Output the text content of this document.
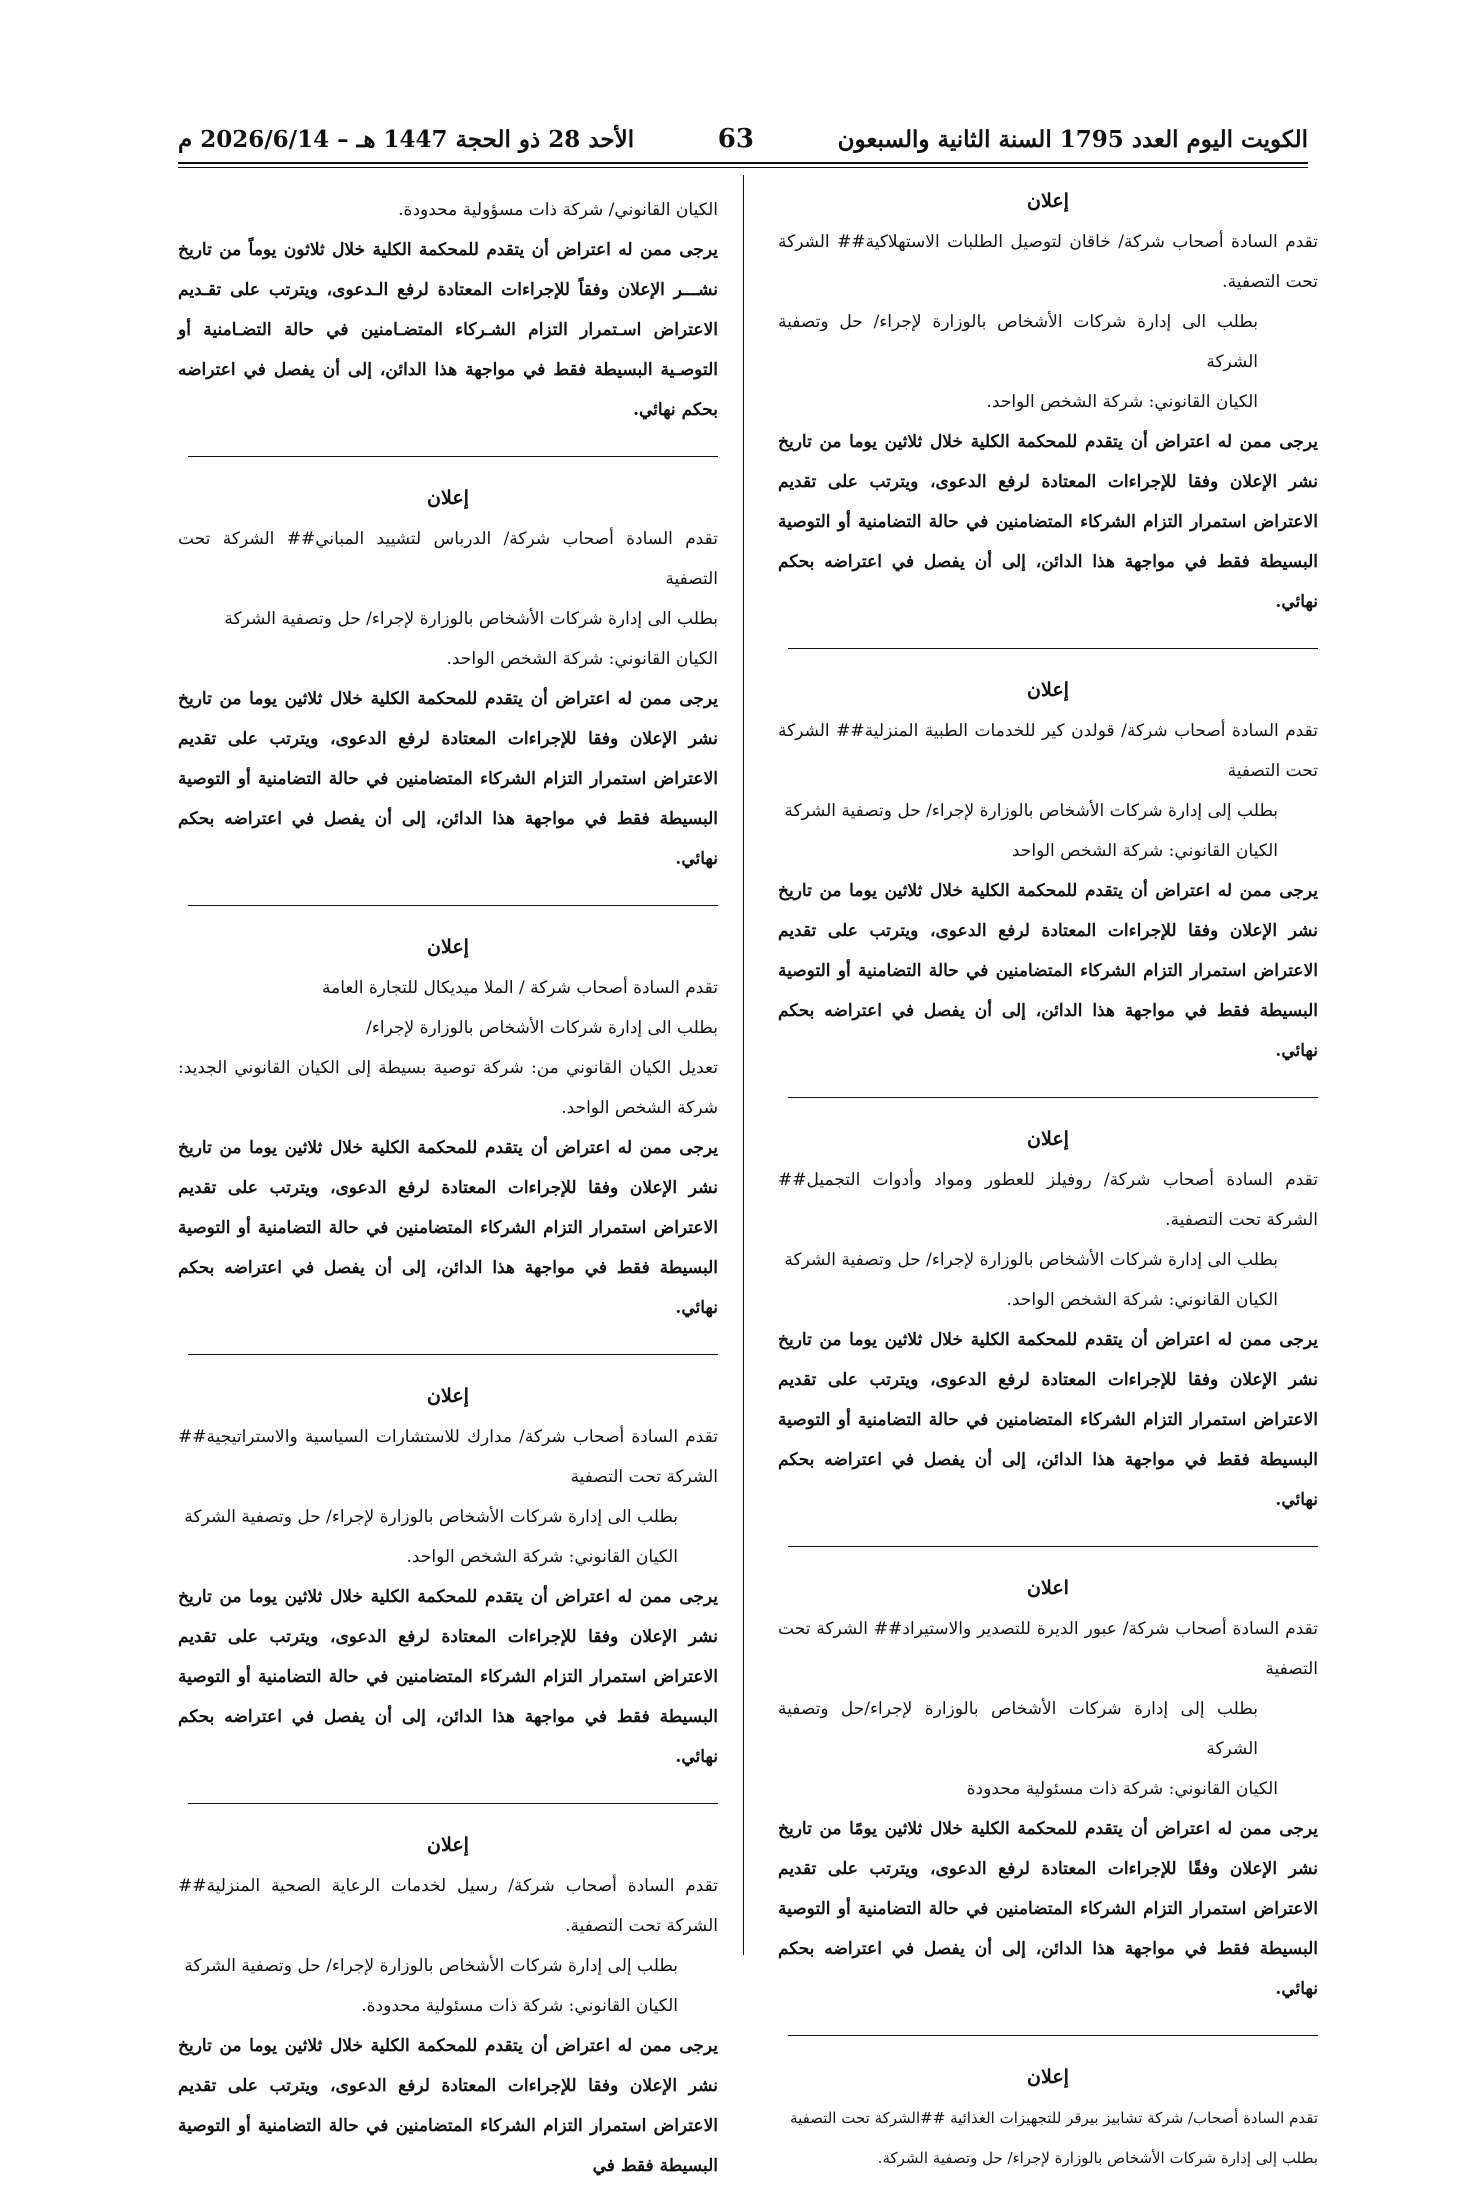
الكويت اليوم العدد 1795 السنة الثانية والسبعون
63
الأحد 28 ذو الحجة 1447 هـ – 2026/6/14 م
إعلان

تقدم السادة أصحاب شركة/ خاقان لتوصيل الطلبات الاستهلاكية## الشركة تحت التصفية.

بطلب الى إدارة شركات الأشخاص بالوزارة لإجراء/ حل وتصفية الشركة

الكيان القانوني: شركة الشخص الواحد.

يرجى ممن له اعتراض أن يتقدم للمحكمة الكلية خلال ثلاثين يوما من تاريخ نشر الإعلان وفقا للإجراءات المعتادة لرفع الدعوى، ويترتب على تقديم الاعتراض استمرار التزام الشركاء المتضامنين في حالة التضامنية أو التوصية البسيطة فقط في مواجهة هذا الدائن، إلى أن يفصل في اعتراضه بحكم نهائي.

إعلان

تقدم السادة أصحاب شركة/ قولدن كير للخدمات الطبية المنزلية## الشركة تحت التصفية

بطلب إلى إدارة شركات الأشخاص بالوزارة لإجراء/ حل وتصفية الشركة

الكيان القانوني: شركة الشخص الواحد

يرجى ممن له اعتراض أن يتقدم للمحكمة الكلية خلال ثلاثين يوما من تاريخ نشر الإعلان وفقا للإجراءات المعتادة لرفع الدعوى، ويترتب على تقديم الاعتراض استمرار التزام الشركاء المتضامنين في حالة التضامنية أو التوصية البسيطة فقط في مواجهة هذا الدائن، إلى أن يفصل في اعتراضه بحكم نهائي.

إعلان

تقدم السادة أصحاب شركة/ روفيلز للعطور ومواد وأدوات التجميل## الشركة تحت التصفية.

بطلب الى إدارة شركات الأشخاص بالوزارة لإجراء/ حل وتصفية الشركة

الكيان القانوني: شركة الشخص الواحد.

يرجى ممن له اعتراض أن يتقدم للمحكمة الكلية خلال ثلاثين يوما من تاريخ نشر الإعلان وفقا للإجراءات المعتادة لرفع الدعوى، ويترتب على تقديم الاعتراض استمرار التزام الشركاء المتضامنين في حالة التضامنية أو التوصية البسيطة فقط في مواجهة هذا الدائن، إلى أن يفصل في اعتراضه بحكم نهائي.

اعلان

تقدم السادة أصحاب شركة/ عبور الديرة للتصدير والاستيراد## الشركة تحت التصفية

بطلب إلى إدارة شركات الأشخاص بالوزارة لإجراء/حل وتصفية الشركة

الكيان القانوني: شركة ذات مسئولية محدودة

يرجى ممن له اعتراض أن يتقدم للمحكمة الكلية خلال ثلاثين يومًا من تاريخ نشر الإعلان وفقًا للإجراءات المعتادة لرفع الدعوى، ويترتب على تقديم الاعتراض استمرار التزام الشركاء المتضامنين في حالة التضامنية أو التوصية البسيطة فقط في مواجهة هذا الدائن، إلى أن يفصل في اعتراضه بحكم نهائي.

إعلان

تقدم السادة أصحاب/ شركة تشابيز بيرقر للتجهيزات الغذائية ##الشركة تحت التصفية

بطلب إلى إدارة شركات الأشخاص بالوزارة لإجراء/ حل وتصفية الشركة.

الكيان القانوني/ شركة ذات مسؤولية محدودة.

يرجى ممن له اعتراض أن يتقدم للمحكمة الكلية خلال ثلاثون يوماً من تاريخ نشـــر الإعلان وفقاً للإجراءات المعتادة لرفع الـدعوى، ويترتب على تقـديم الاعتراض اسـتمرار التزام الشـركاء المتضـامنين في حالة التضـامنية أو التوصـية البسيطة فقط في مواجهة هذا الدائن، إلى أن يفصل في اعتراضه بحكم نهائي.

إعلان

تقدم السادة أصحاب شركة/ الدرباس لتشييد المباني## الشركة تحت التصفية

بطلب الى إدارة شركات الأشخاص بالوزارة لإجراء/ حل وتصفية الشركة

الكيان القانوني: شركة الشخص الواحد.

يرجى ممن له اعتراض أن يتقدم للمحكمة الكلية خلال ثلاثين يوما من تاريخ نشر الإعلان وفقا للإجراءات المعتادة لرفع الدعوى، ويترتب على تقديم الاعتراض استمرار التزام الشركاء المتضامنين في حالة التضامنية أو التوصية البسيطة فقط في مواجهة هذا الدائن، إلى أن يفصل في اعتراضه بحكم نهائي.

إعلان

تقدم السادة أصحاب شركة / الملا ميديكال للتجارة العامة

بطلب الى إدارة شركات الأشخاص بالوزارة لإجراء/

تعديل الكيان القانوني من: شركة توصية بسيطة إلى الكيان القانوني الجديد: شركة الشخص الواحد.

يرجى ممن له اعتراض أن يتقدم للمحكمة الكلية خلال ثلاثين يوما من تاريخ نشر الإعلان وفقا للإجراءات المعتادة لرفع الدعوى، ويترتب على تقديم الاعتراض استمرار التزام الشركاء المتضامنين في حالة التضامنية أو التوصية البسيطة فقط في مواجهة هذا الدائن، إلى أن يفصل في اعتراضه بحكم نهائي.

إعلان

تقدم السادة أصحاب شركة/ مدارك للاستشارات السياسية والاستراتيجية## الشركة تحت التصفية

بطلب الى إدارة شركات الأشخاص بالوزارة لإجراء/ حل وتصفية الشركة

الكيان القانوني: شركة الشخص الواحد.

يرجى ممن له اعتراض أن يتقدم للمحكمة الكلية خلال ثلاثين يوما من تاريخ نشر الإعلان وفقا للإجراءات المعتادة لرفع الدعوى، ويترتب على تقديم الاعتراض استمرار التزام الشركاء المتضامنين في حالة التضامنية أو التوصية البسيطة فقط في مواجهة هذا الدائن، إلى أن يفصل في اعتراضه بحكم نهائي.

إعلان

تقدم السادة أصحاب شركة/ رسيل لخدمات الرعاية الصحية المنزلية## الشركة تحت التصفية.

بطلب إلى إدارة شركات الأشخاص بالوزارة لإجراء/ حل وتصفية الشركة

الكيان القانوني: شركة ذات مسئولية محدودة.

يرجى ممن له اعتراض أن يتقدم للمحكمة الكلية خلال ثلاثين يوما من تاريخ نشر الإعلان وفقا للإجراءات المعتادة لرفع الدعوى، ويترتب على تقديم الاعتراض استمرار التزام الشركاء المتضامنين في حالة التضامنية أو التوصية البسيطة فقط في
